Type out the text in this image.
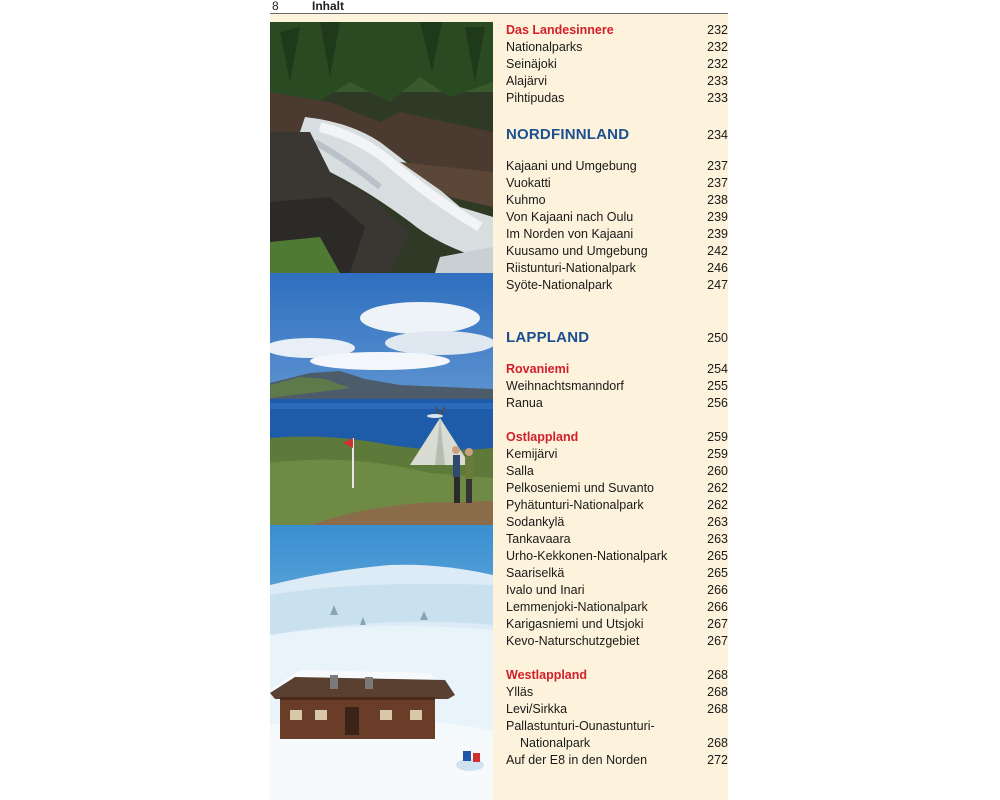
8	Inhalt
Das Landesinnere	232
Nationalparks	232
Seinäjoki	232
Alajärvi	233
Pihtipudas	233
NORDFINNLAND	234
Kajaani und Umgebung	237
Vuokatti	237
Kuhmo	238
Von Kajaani nach Oulu	239
Im Norden von Kajaani	239
Kuusamo und Umgebung	242
Riistunturi-Nationalpark	246
Syöte-Nationalpark	247
LAPPLAND	250
Rovaniemi	254
Weihnachtsmanndorf	255
Ranua	256
Ostlappland	259
Kemijärvi	259
Salla	260
Pelkoseniemi und Suvanto	262
Pyhätunturi-Nationalpark	262
Sodankylä	263
Tankavaara	263
Urho-Kekkonen-Nationalpark	265
Saariselkä	265
Ivalo und Inari	266
Lemmenjoki-Nationalpark	266
Karigasniemi und Utsjoki	267
Kevo-Naturschutzgebiet	267
Westlappland	268
Ylläs	268
Levi/Sirkka	268
Pallastunturi-Ounastunturi-
Nationalpark	268
Auf der E8 in den Norden	272
